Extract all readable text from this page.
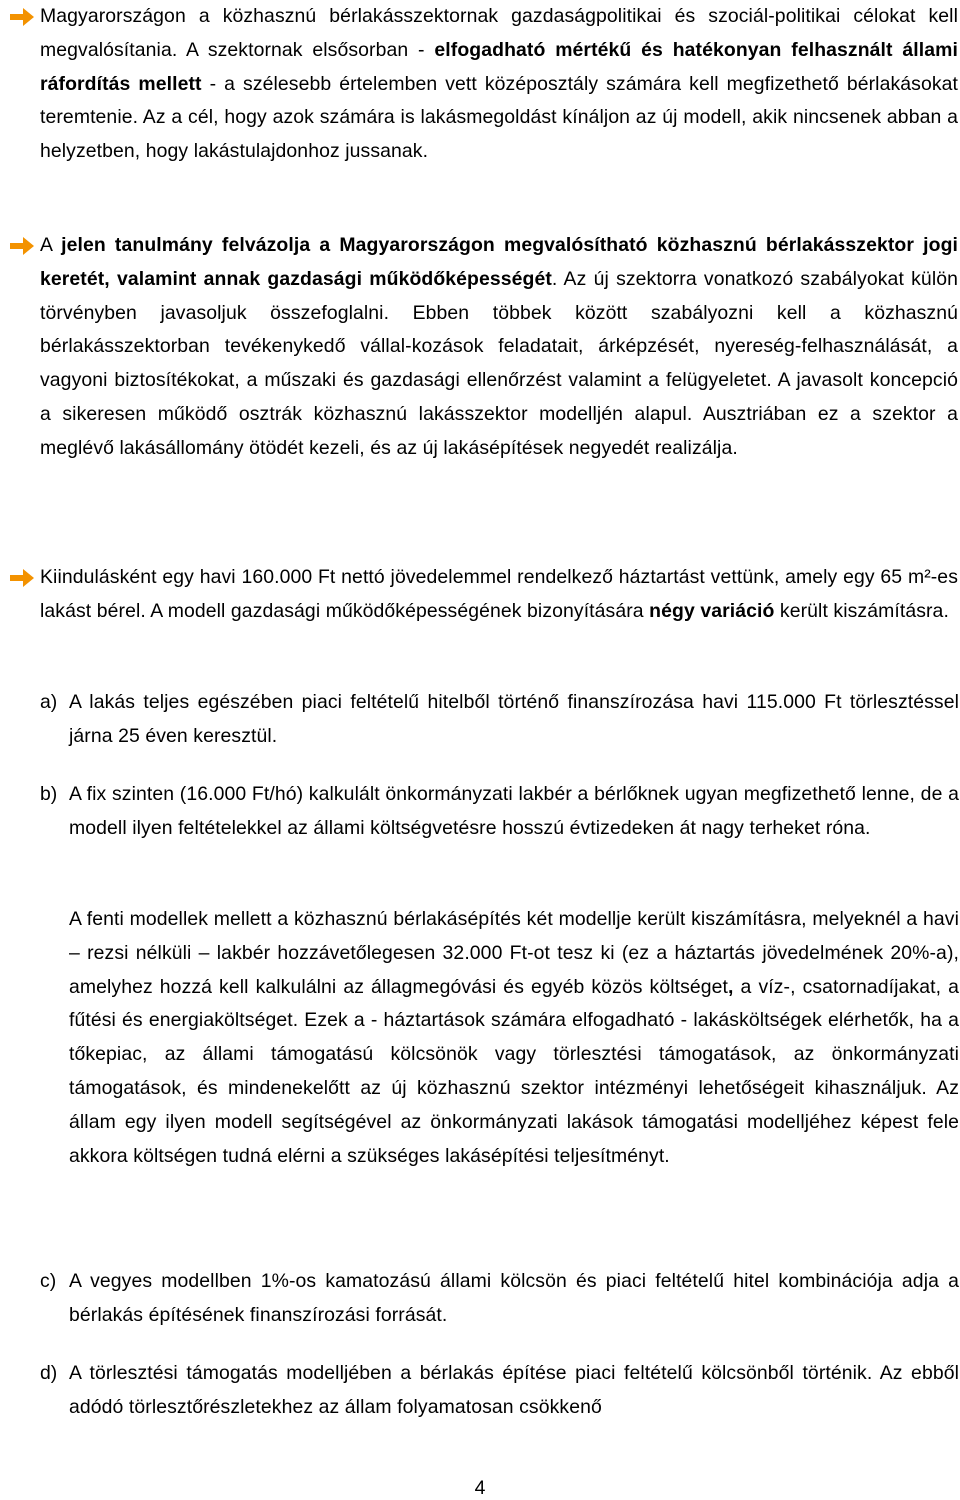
Magyarországon a közhasznú bérlakásszektornak gazdaságpolitikai és szociál-politikai célokat kell megvalósítania. A szektornak elsősorban - elfogadható mértékű és hatékonyan felhasznált állami ráfordítás mellett - a szélesebb értelemben vett középosztály számára kell megfizethető bérlakásokat teremtenie. Az a cél, hogy azok számára is lakásmegoldást kínáljon az új modell, akik nincsenek abban a helyzetben, hogy lakástulajdonhoz jussanak.
A jelen tanulmány felvázolja a Magyarországon megvalósítható közhasznú bérlakásszektor jogi keretét, valamint annak gazdasági működőképességét. Az új szektorra vonatkozó szabályokat külön törvényben javasoljuk összefoglalni. Ebben többek között szabályozni kell a közhasznú bérlakásszektorban tevékenykedő vállal-kozások feladatait, árképzését, nyereség-felhasználását, a vagyoni biztosítékokat, a műszaki és gazdasági ellenőrzést valamint a felügyeletet. A javasolt koncepció a sikeresen működő osztrák közhasznú lakásszektor modelljén alapul. Ausztriában ez a szektor a meglévő lakásállomány ötödét kezeli, és az új lakásépítések negyedét realizálja.
Kiindulásként egy havi 160.000 Ft nettó jövedelemmel rendelkező háztartást vettünk, amely egy 65 m²-es lakást bérel. A modell gazdasági működőképességének bizonyítására négy variáció került kiszámításra.
a) A lakás teljes egészében piaci feltételű hitelből történő finanszírozása havi 115.000 Ft törlesztéssel járna 25 éven keresztül.
b) A fix szinten (16.000 Ft/hó) kalkulált önkormányzati lakbér a bérlőknek ugyan megfizethető lenne, de a modell ilyen feltételekkel az állami költségvetésre hosszú évtizedeken át nagy terheket róna.
A fenti modellek mellett a közhasznú bérlakásépítés két modellje került kiszámításra, melyeknél a havi – rezsi nélküli – lakbér hozzávetőlegesen 32.000 Ft-ot tesz ki (ez a háztartás jövedelmének 20%-a), amelyhez hozzá kell kalkulálni az állagmegóvási és egyéb közös költséget, a víz-, csatornadíjakat, a fűtési és energiaköltséget. Ezek a - háztartások számára elfogadható - lakásköltségek elérhetők, ha a tőkepiac, az állami támogatású kölcsönök vagy törlesztési támogatások, az önkormányzati támogatások, és mindenekelőtt az új közhasznú szektor intézményi lehetőségeit kihasználjuk. Az állam egy ilyen modell segítségével az önkormányzati lakások támogatási modelljéhez képest fele akkora költségen tudná elérni a szükséges lakásépítési teljesítményt.
c) A vegyes modellben 1%-os kamatozású állami kölcsön és piaci feltételű hitel kombinációja adja a bérlakás építésének finanszírozási forrását.
d) A törlesztési támogatás modelljében a bérlakás építése piaci feltételű kölcsönből történik. Az ebből adódó törlesztőrészletekhez az állam folyamatosan csökkenő
4
